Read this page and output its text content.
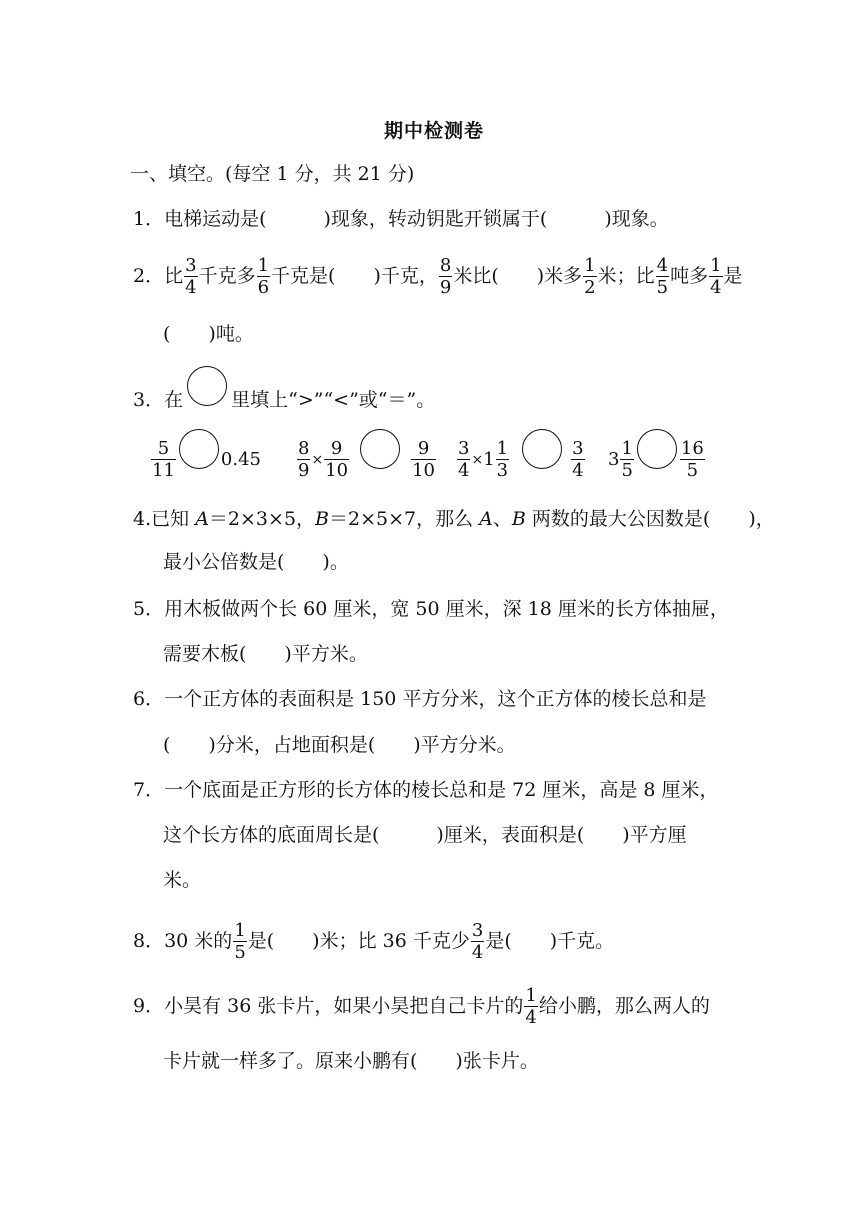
期中检测卷
一、填空。(每空 1 分，共 21 分)
1．电梯运动是(　　　)现象，转动钥匙开锁属于(　　　)现象。
2．比 $\frac{3}{4}$ 千克多 $\frac{1}{6}$ 千克是(　　)千克， $\frac{8}{9}$ 米比(　　)米多 $\frac{1}{2}$ 米；比 $\frac{4}{5}$ 吨多 $\frac{1}{4}$ 是
(　　)吨。
3．在	里填上“>”“<”或“＝”。
$\frac{5}{11}$	$0.45 \frac{8}{9} \times \frac{9}{10}$	$\frac{9}{10} \frac{3}{4} \times 1 \frac{1}{3}$	$\frac{3}{4} 3 \frac{1}{5}$	$\frac{16}{5}$
4.已知 A＝2×3×5，B＝2×5×7，那么 A、B 两数的最大公因数是(　　)，
最小公倍数是(　　)。
5．用木板做两个长 60 厘米，宽 50 厘米，深 18 厘米的长方体抽屉，
需要木板(　　)平方米。
6．一个正方体的表面积是 150 平方分米，这个正方体的棱长总和是
(　　)分米，占地面积是(　　)平方分米。
7．一个底面是正方形的长方体的棱长总和是 72 厘米，高是 8 厘米，
这个长方体的底面周长是(　　　)厘米，表面积是(　　)平方厘
米。
8．30 米的 $\frac{1}{5}$ 是(　　)米；比 36 千克少 $\frac{3}{4}$ 是(　　)千克。
9．小昊有 36 张卡片，如果小昊把自己卡片的 $\frac{1}{4}$ 给小鹏，那么两人的
卡片就一样多了。原来小鹏有(　　)张卡片。
